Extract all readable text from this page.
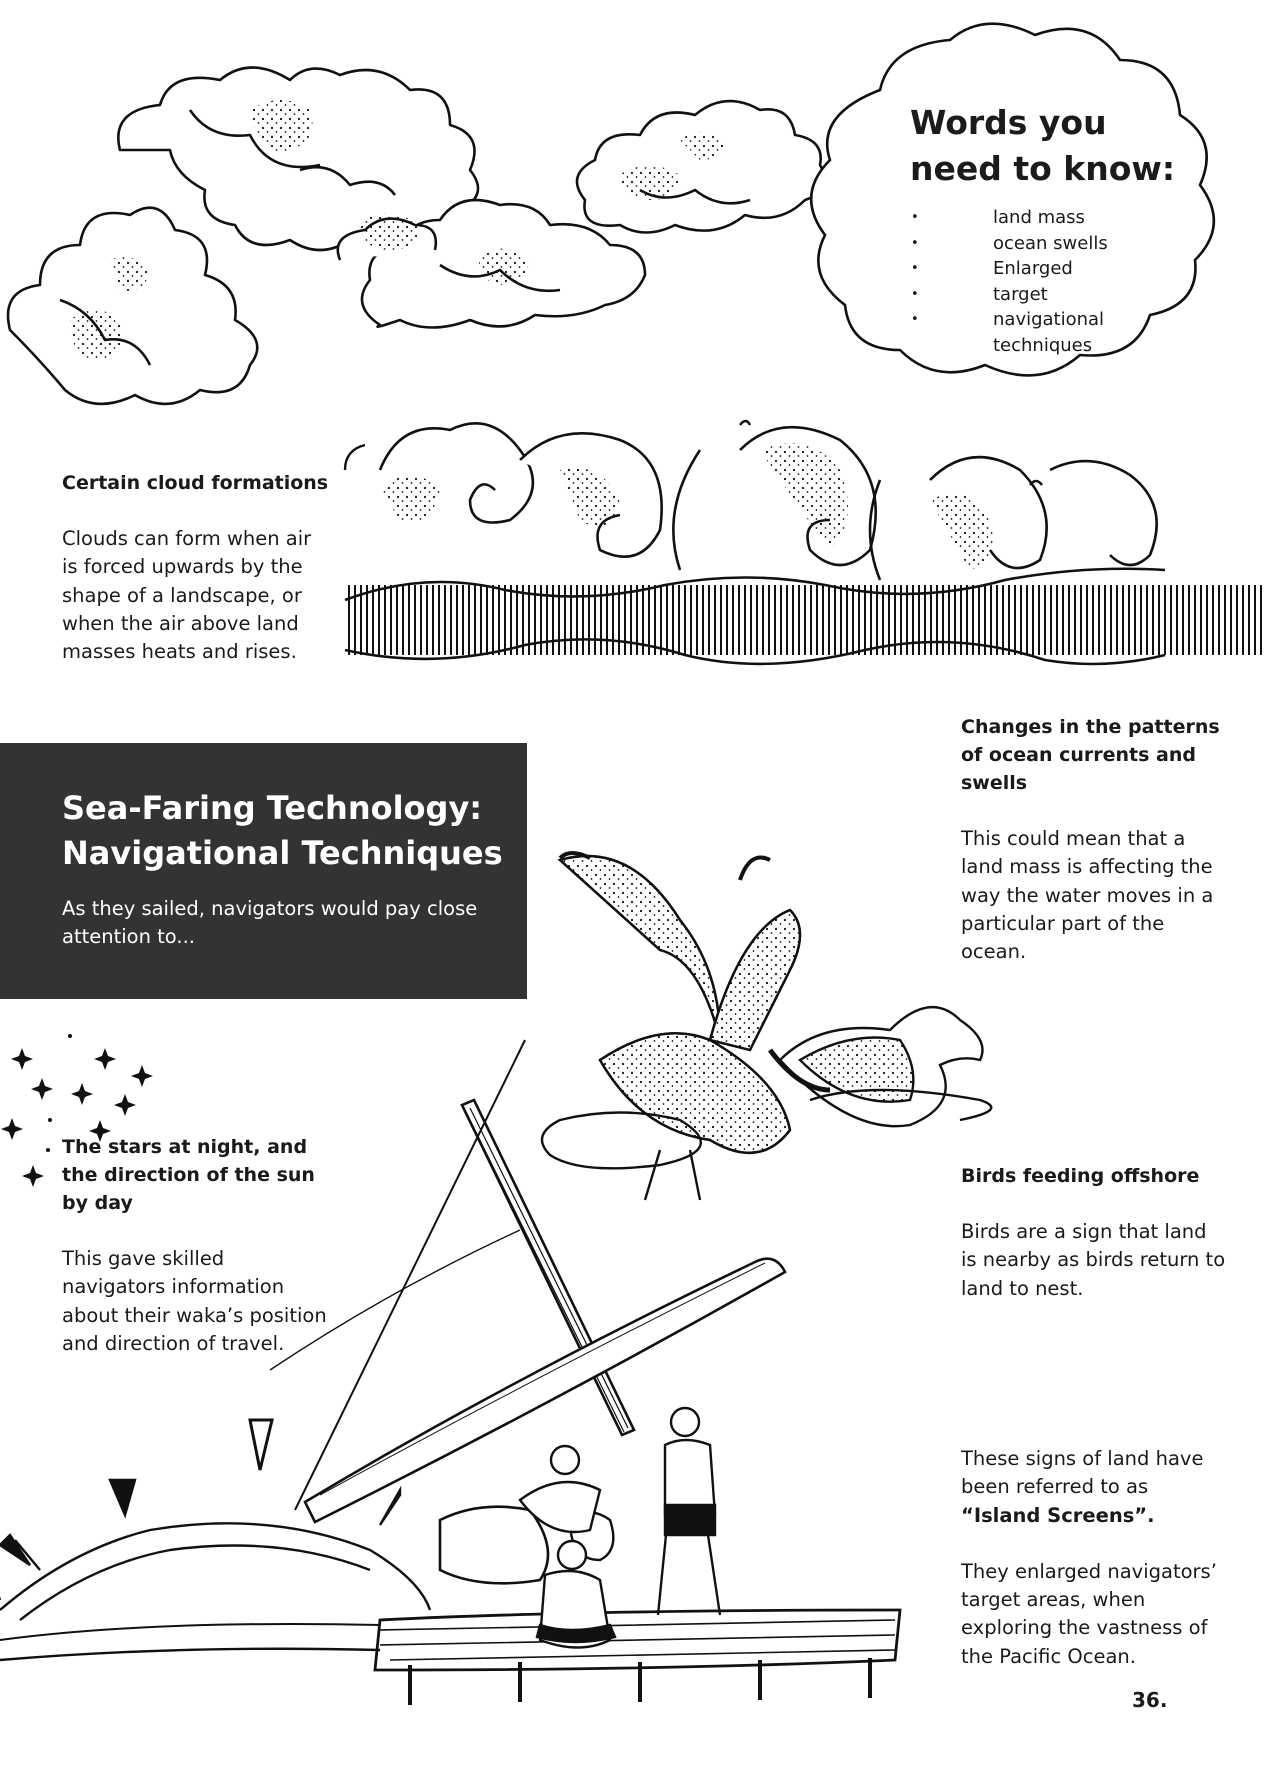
Words you
need to know:
• land mass
• ocean swells
• Enlarged
• target
• navigational
techniques

Certain cloud formations

Clouds can form when air

is forced upwards by the

shape of a landscape, or

when the air above land

masses heats and rises.

Changes in the patterns

of ocean currents and

swells

This could mean that a

land mass is affecting the

way the water moves in a

particular part of the

ocean.

Sea-Faring Technology:
Navigational Techniques

As they sailed, navigators would pay close
attention to...

The stars at night, and

the direction of the sun

by day

This gave skilled

navigators information

about their waka’s position

and direction of travel.

Birds feeding offshore

Birds are a sign that land

is nearby as birds return to

land to nest.

These signs of land have

been referred to as

“Island Screens”.

They enlarged navigators’

target areas, when

exploring the vastness of

the Pacific Ocean.

36.
